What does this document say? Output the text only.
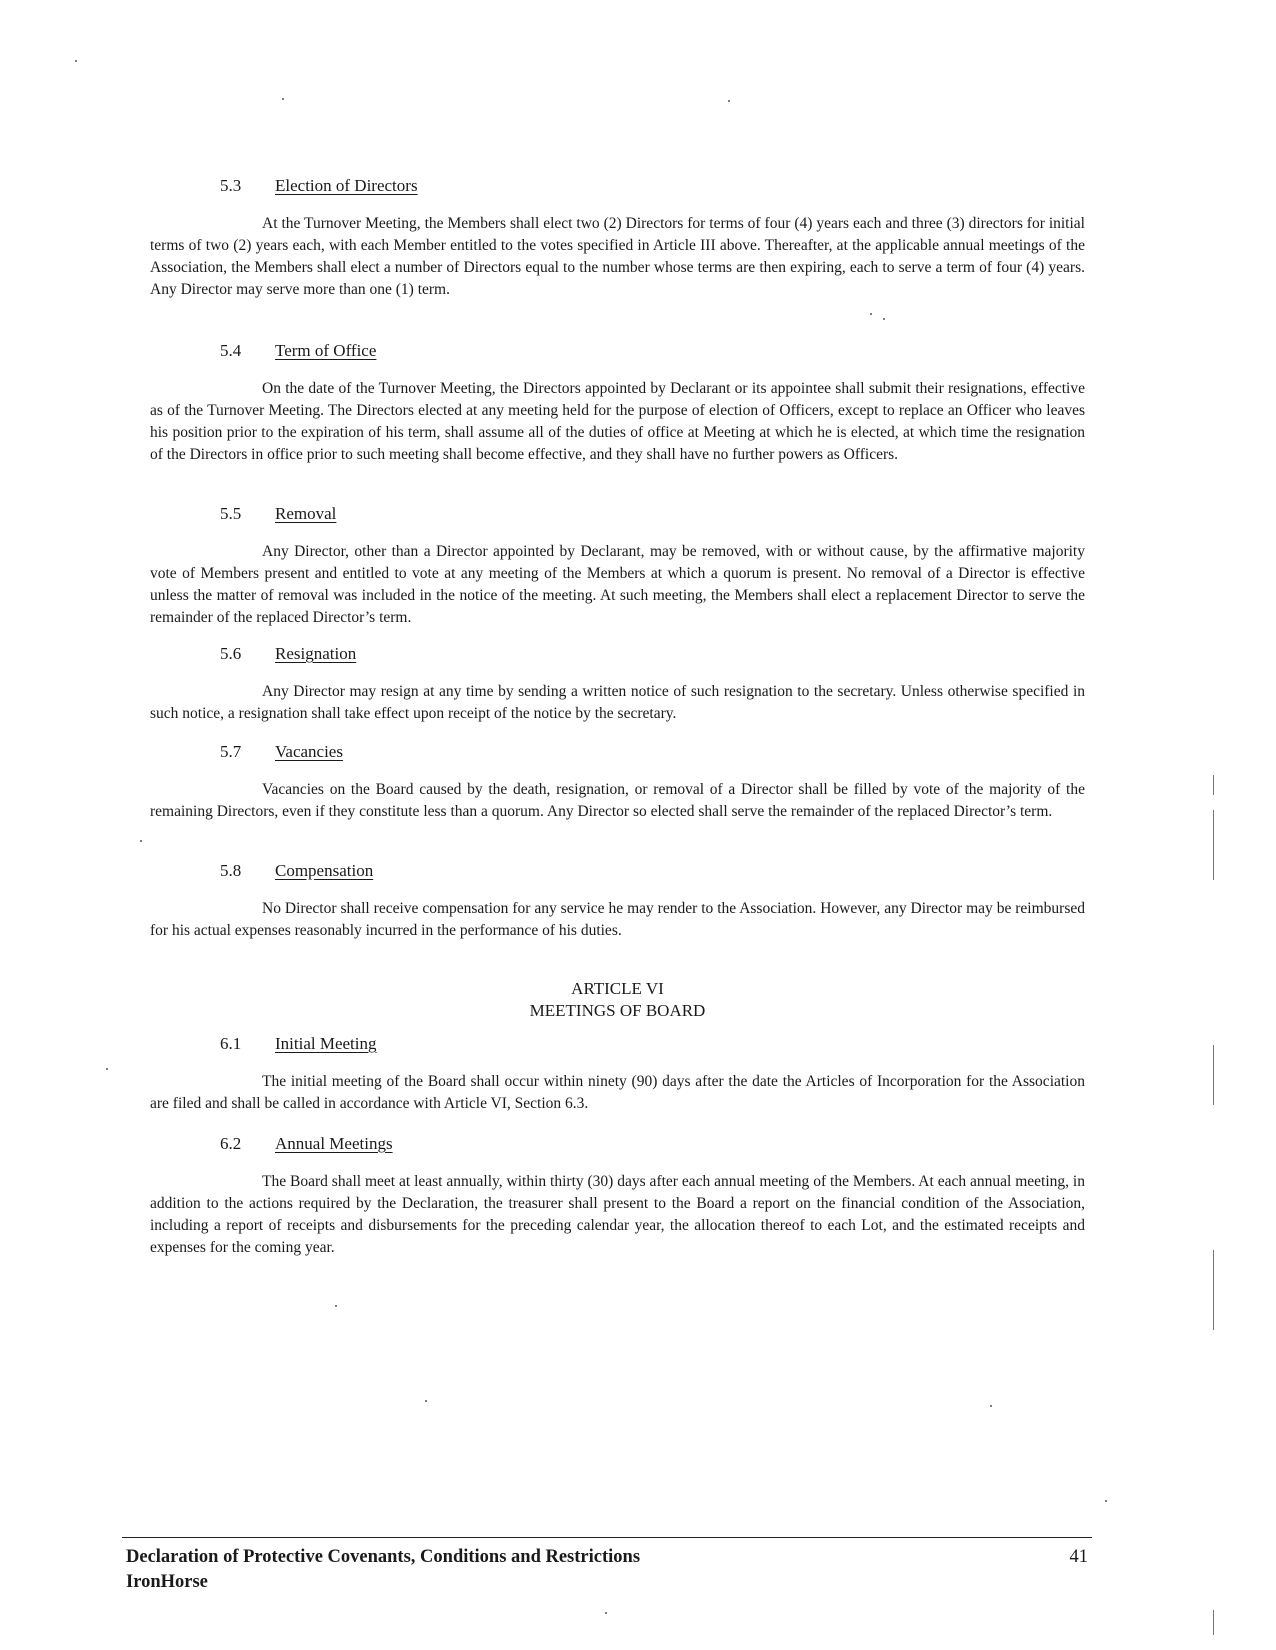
5.3 Election of Directors

At the Turnover Meeting, the Members shall elect two (2) Directors for terms of four (4) years each and three (3) directors for initial terms of two (2) years each, with each Member entitled to the votes specified in Article III above. Thereafter, at the applicable annual meetings of the Association, the Members shall elect a number of Directors equal to the number whose terms are then expiring, each to serve a term of four (4) years. Any Director may serve more than one (1) term.

5.4 Term of Office

On the date of the Turnover Meeting, the Directors appointed by Declarant or its appointee shall submit their resignations, effective as of the Turnover Meeting. The Directors elected at any meeting held for the purpose of election of Officers, except to replace an Officer who leaves his position prior to the expiration of his term, shall assume all of the duties of office at Meeting at which he is elected, at which time the resignation of the Directors in office prior to such meeting shall become effective, and they shall have no further powers as Officers.

5.5 Removal

Any Director, other than a Director appointed by Declarant, may be removed, with or without cause, by the affirmative majority vote of Members present and entitled to vote at any meeting of the Members at which a quorum is present. No removal of a Director is effective unless the matter of removal was included in the notice of the meeting. At such meeting, the Members shall elect a replacement Director to serve the remainder of the replaced Director’s term.

5.6 Resignation

Any Director may resign at any time by sending a written notice of such resignation to the secretary. Unless otherwise specified in such notice, a resignation shall take effect upon receipt of the notice by the secretary.

5.7 Vacancies

Vacancies on the Board caused by the death, resignation, or removal of a Director shall be filled by vote of the majority of the remaining Directors, even if they constitute less than a quorum. Any Director so elected shall serve the remainder of the replaced Director’s term.

5.8 Compensation

No Director shall receive compensation for any service he may render to the Association. However, any Director may be reimbursed for his actual expenses reasonably incurred in the performance of his duties.

ARTICLE VI
MEETINGS OF BOARD
6.1 Initial Meeting

The initial meeting of the Board shall occur within ninety (90) days after the date the Articles of Incorporation for the Association are filed and shall be called in accordance with Article VI, Section 6.3.

6.2 Annual Meetings

The Board shall meet at least annually, within thirty (30) days after each annual meeting of the Members. At each annual meeting, in addition to the actions required by the Declaration, the treasurer shall present to the Board a report on the financial condition of the Association, including a report of receipts and disbursements for the preceding calendar year, the allocation thereof to each Lot, and the estimated receipts and expenses for the coming year.

Declaration of Protective Covenants, Conditions and Restrictions
IronHorse
41
